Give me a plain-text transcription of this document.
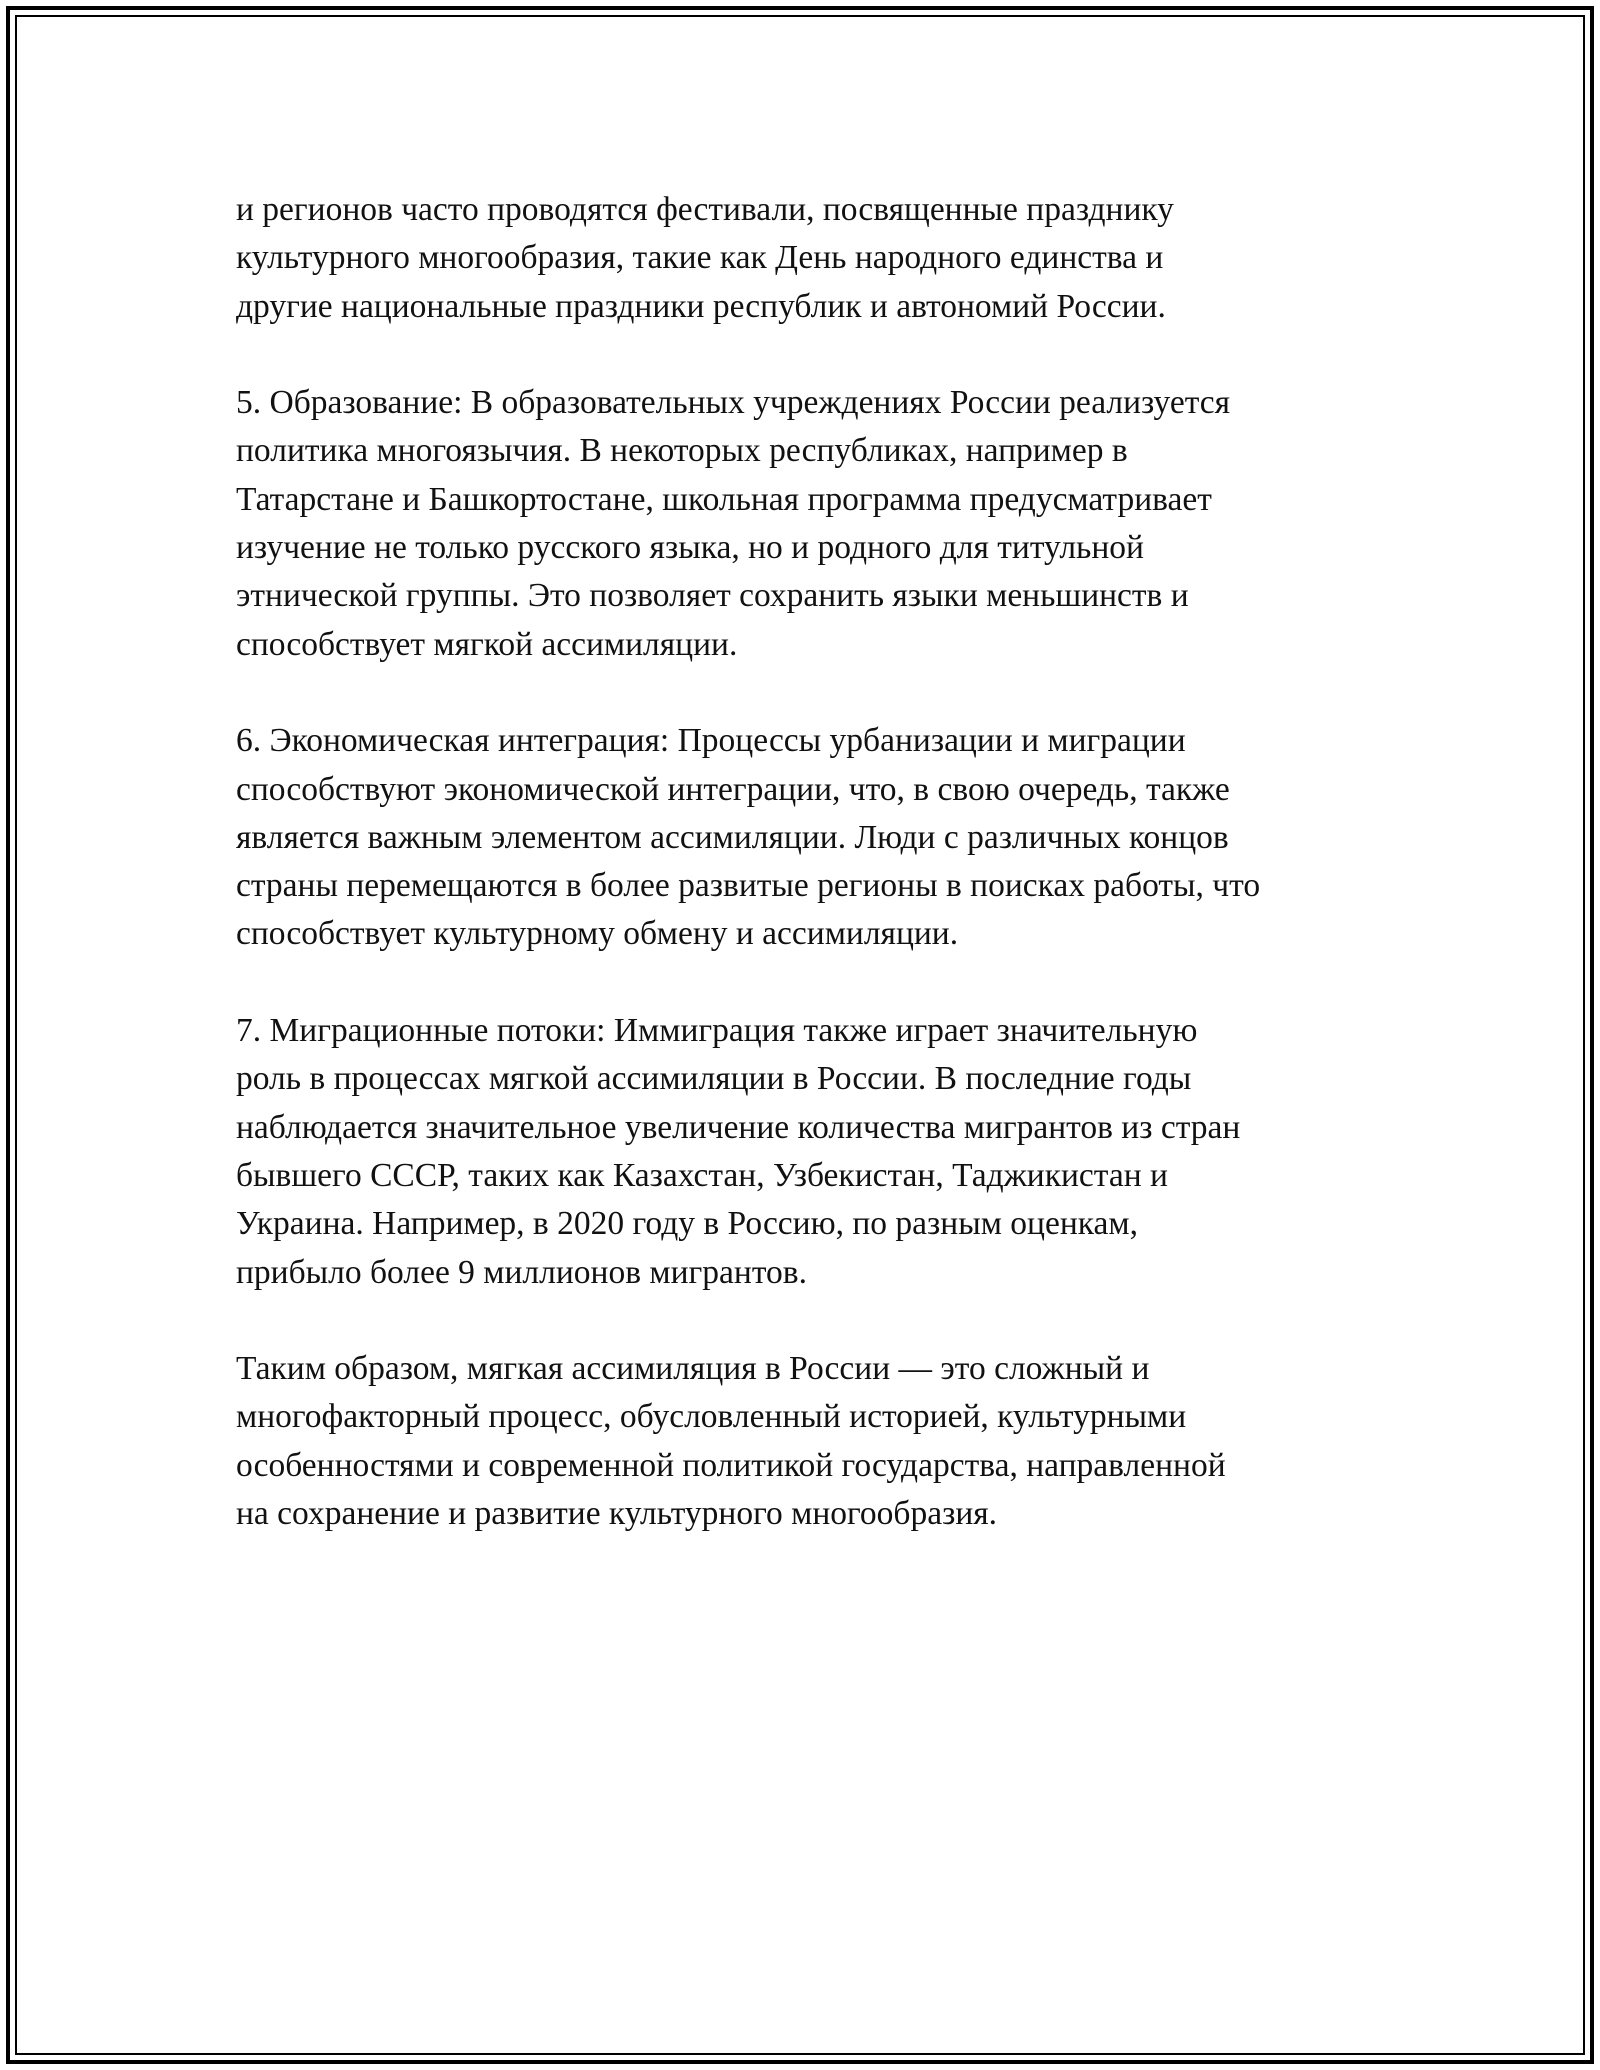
и регионов часто проводятся фестивали, посвященные празднику
культурного многообразия, такие как День народного единства и
другие национальные праздники республик и автономий России.

5. Образование: В образовательных учреждениях России реализуется
политика многоязычия. В некоторых республиках, например в
Татарстане и Башкортостане, школьная программа предусматривает
изучение не только русского языка, но и родного для титульной
этнической группы. Это позволяет сохранить языки меньшинств и
способствует мягкой ассимиляции.

6. Экономическая интеграция: Процессы урбанизации и миграции
способствуют экономической интеграции, что, в свою очередь, также
является важным элементом ассимиляции. Люди с различных концов
страны перемещаются в более развитые регионы в поисках работы, что
способствует культурному обмену и ассимиляции.

7. Миграционные потоки: Иммиграция также играет значительную
роль в процессах мягкой ассимиляции в России. В последние годы
наблюдается значительное увеличение количества мигрантов из стран
бывшего СССР, таких как Казахстан, Узбекистан, Таджикистан и
Украина. Например, в 2020 году в Россию, по разным оценкам,
прибыло более 9 миллионов мигрантов.

Таким образом, мягкая ассимиляция в России — это сложный и
многофакторный процесс, обусловленный историей, культурными
особенностями и современной политикой государства, направленной
на сохранение и развитие культурного многообразия.
